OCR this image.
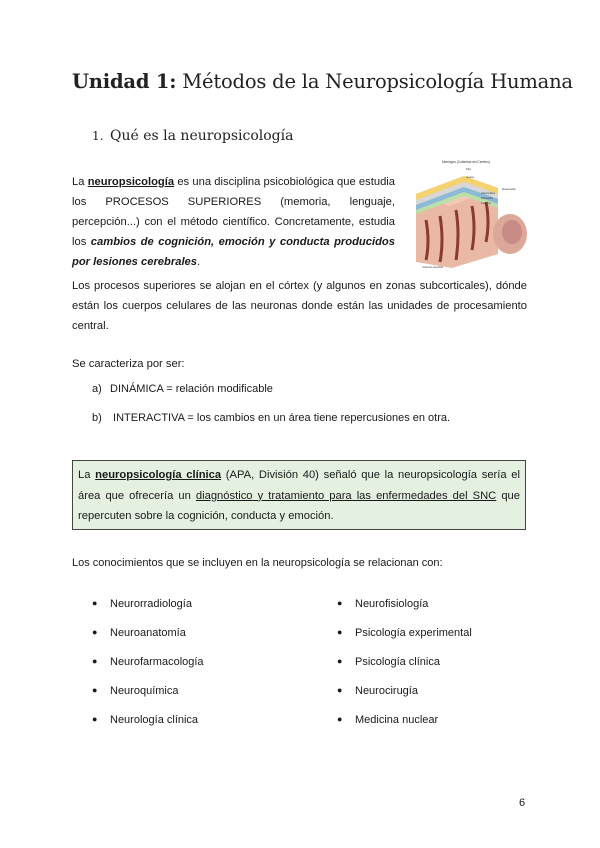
Unidad 1: Métodos de la Neuropsicología Humana
1. Qué es la neuropsicología
La neuropsicología es una disciplina psicobiológica que estudia los PROCESOS SUPERIORES (memoria, lenguaje, percepción...) con el método científico. Concretamente, estudia los cambios de cognición, emoción y conducta producidos por lesiones cerebrales.
Meninges (Cubiertas del Cerebro)
Piel
Hueso
Duramadre
Aracnoides
Piamadre
Cerebro
Corteza cerebral
Los procesos superiores se alojan en el córtex (y algunos en zonas subcorticales), dónde están los cuerpos celulares de las neuronas donde están las unidades de procesamiento central.
Se caracteriza por ser:
a) DINÁMICA = relación modificable
b) INTERACTIVA = los cambios en un área tiene repercusiones en otra.
La neuropsicología clínica (APA, División 40) señaló que la neuropsicología sería el área que ofrecería un diagnóstico y tratamiento para las enfermedades del SNC que repercuten sobre la cognición, conducta y emoción.
Los conocimientos que se incluyen en la neuropsicología se relacionan con:
● Neurorradiología
● Neuroanatomía
● Neurofarmacología
● Neuroquímica
● Neurología clínica
● Neurofisiología
● Psicología experimental
● Psicología clínica
● Neurocirugía
● Medicina nuclear
6
